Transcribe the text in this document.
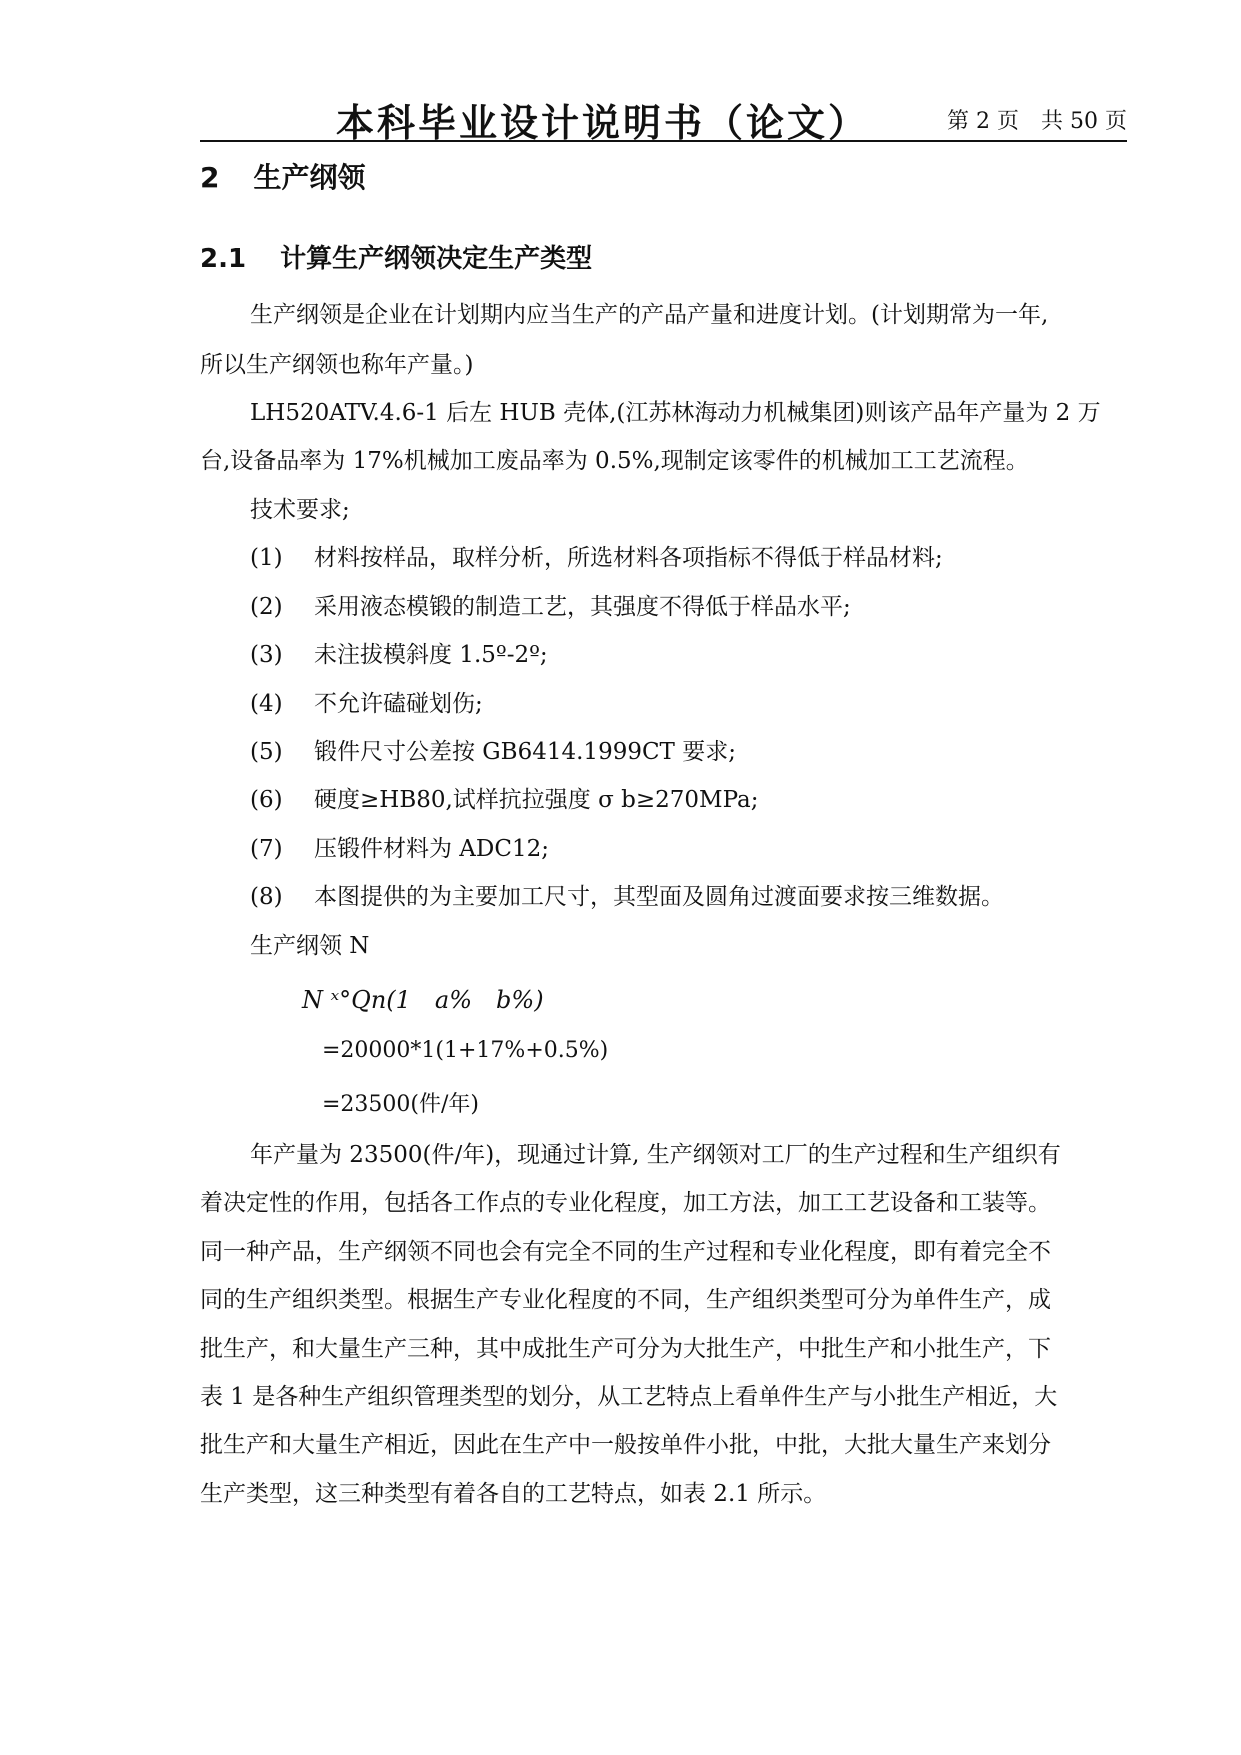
本科毕业设计说明书（论文）	第 2 页　共 50 页
2 生产纲领
2.1 计算生产纲领决定生产类型
生产纲领是企业在计划期内应当生产的产品产量和进度计划。(计划期常为一年,
所以生产纲领也称年产量。)
LH520ATV.4.6-1 后左 HUB 壳体,(江苏林海动力机械集团)则该产品年产量为 2 万
台,设备品率为 17%机械加工废品率为 0.5%,现制定该零件的机械加工工艺流程。
技术要求;
(1) 材料按样品，取样分析，所选材料各项指标不得低于样品材料;
(2) 采用液态模锻的制造工艺，其强度不得低于样品水平;
(3) 未注拔模斜度 1.5º-2º;
(4) 不允许磕碰划伤;
(5) 锻件尺寸公差按 GB6414.1999CT 要求;
(6) 硬度≥HB80,试样抗拉强度 σ b≥270MPa;
(7) 压锻件材料为 ADC12;
(8) 本图提供的为主要加工尺寸，其型面及圆角过渡面要求按三维数据。
生产纲领 N
N ˣ°Qn(1　a%　b%)
=20000*1(1+17%+0.5%)
=23500(件/年)
年产量为 23500(件/年)，现通过计算, 生产纲领对工厂的生产过程和生产组织有
着决定性的作用，包括各工作点的专业化程度，加工方法，加工工艺设备和工装等。
同一种产品，生产纲领不同也会有完全不同的生产过程和专业化程度，即有着完全不
同的生产组织类型。根据生产专业化程度的不同，生产组织类型可分为单件生产，成
批生产，和大量生产三种，其中成批生产可分为大批生产，中批生产和小批生产，下
表 1 是各种生产组织管理类型的划分，从工艺特点上看单件生产与小批生产相近，大
批生产和大量生产相近，因此在生产中一般按单件小批，中批，大批大量生产来划分
生产类型，这三种类型有着各自的工艺特点，如表 2.1 所示。
